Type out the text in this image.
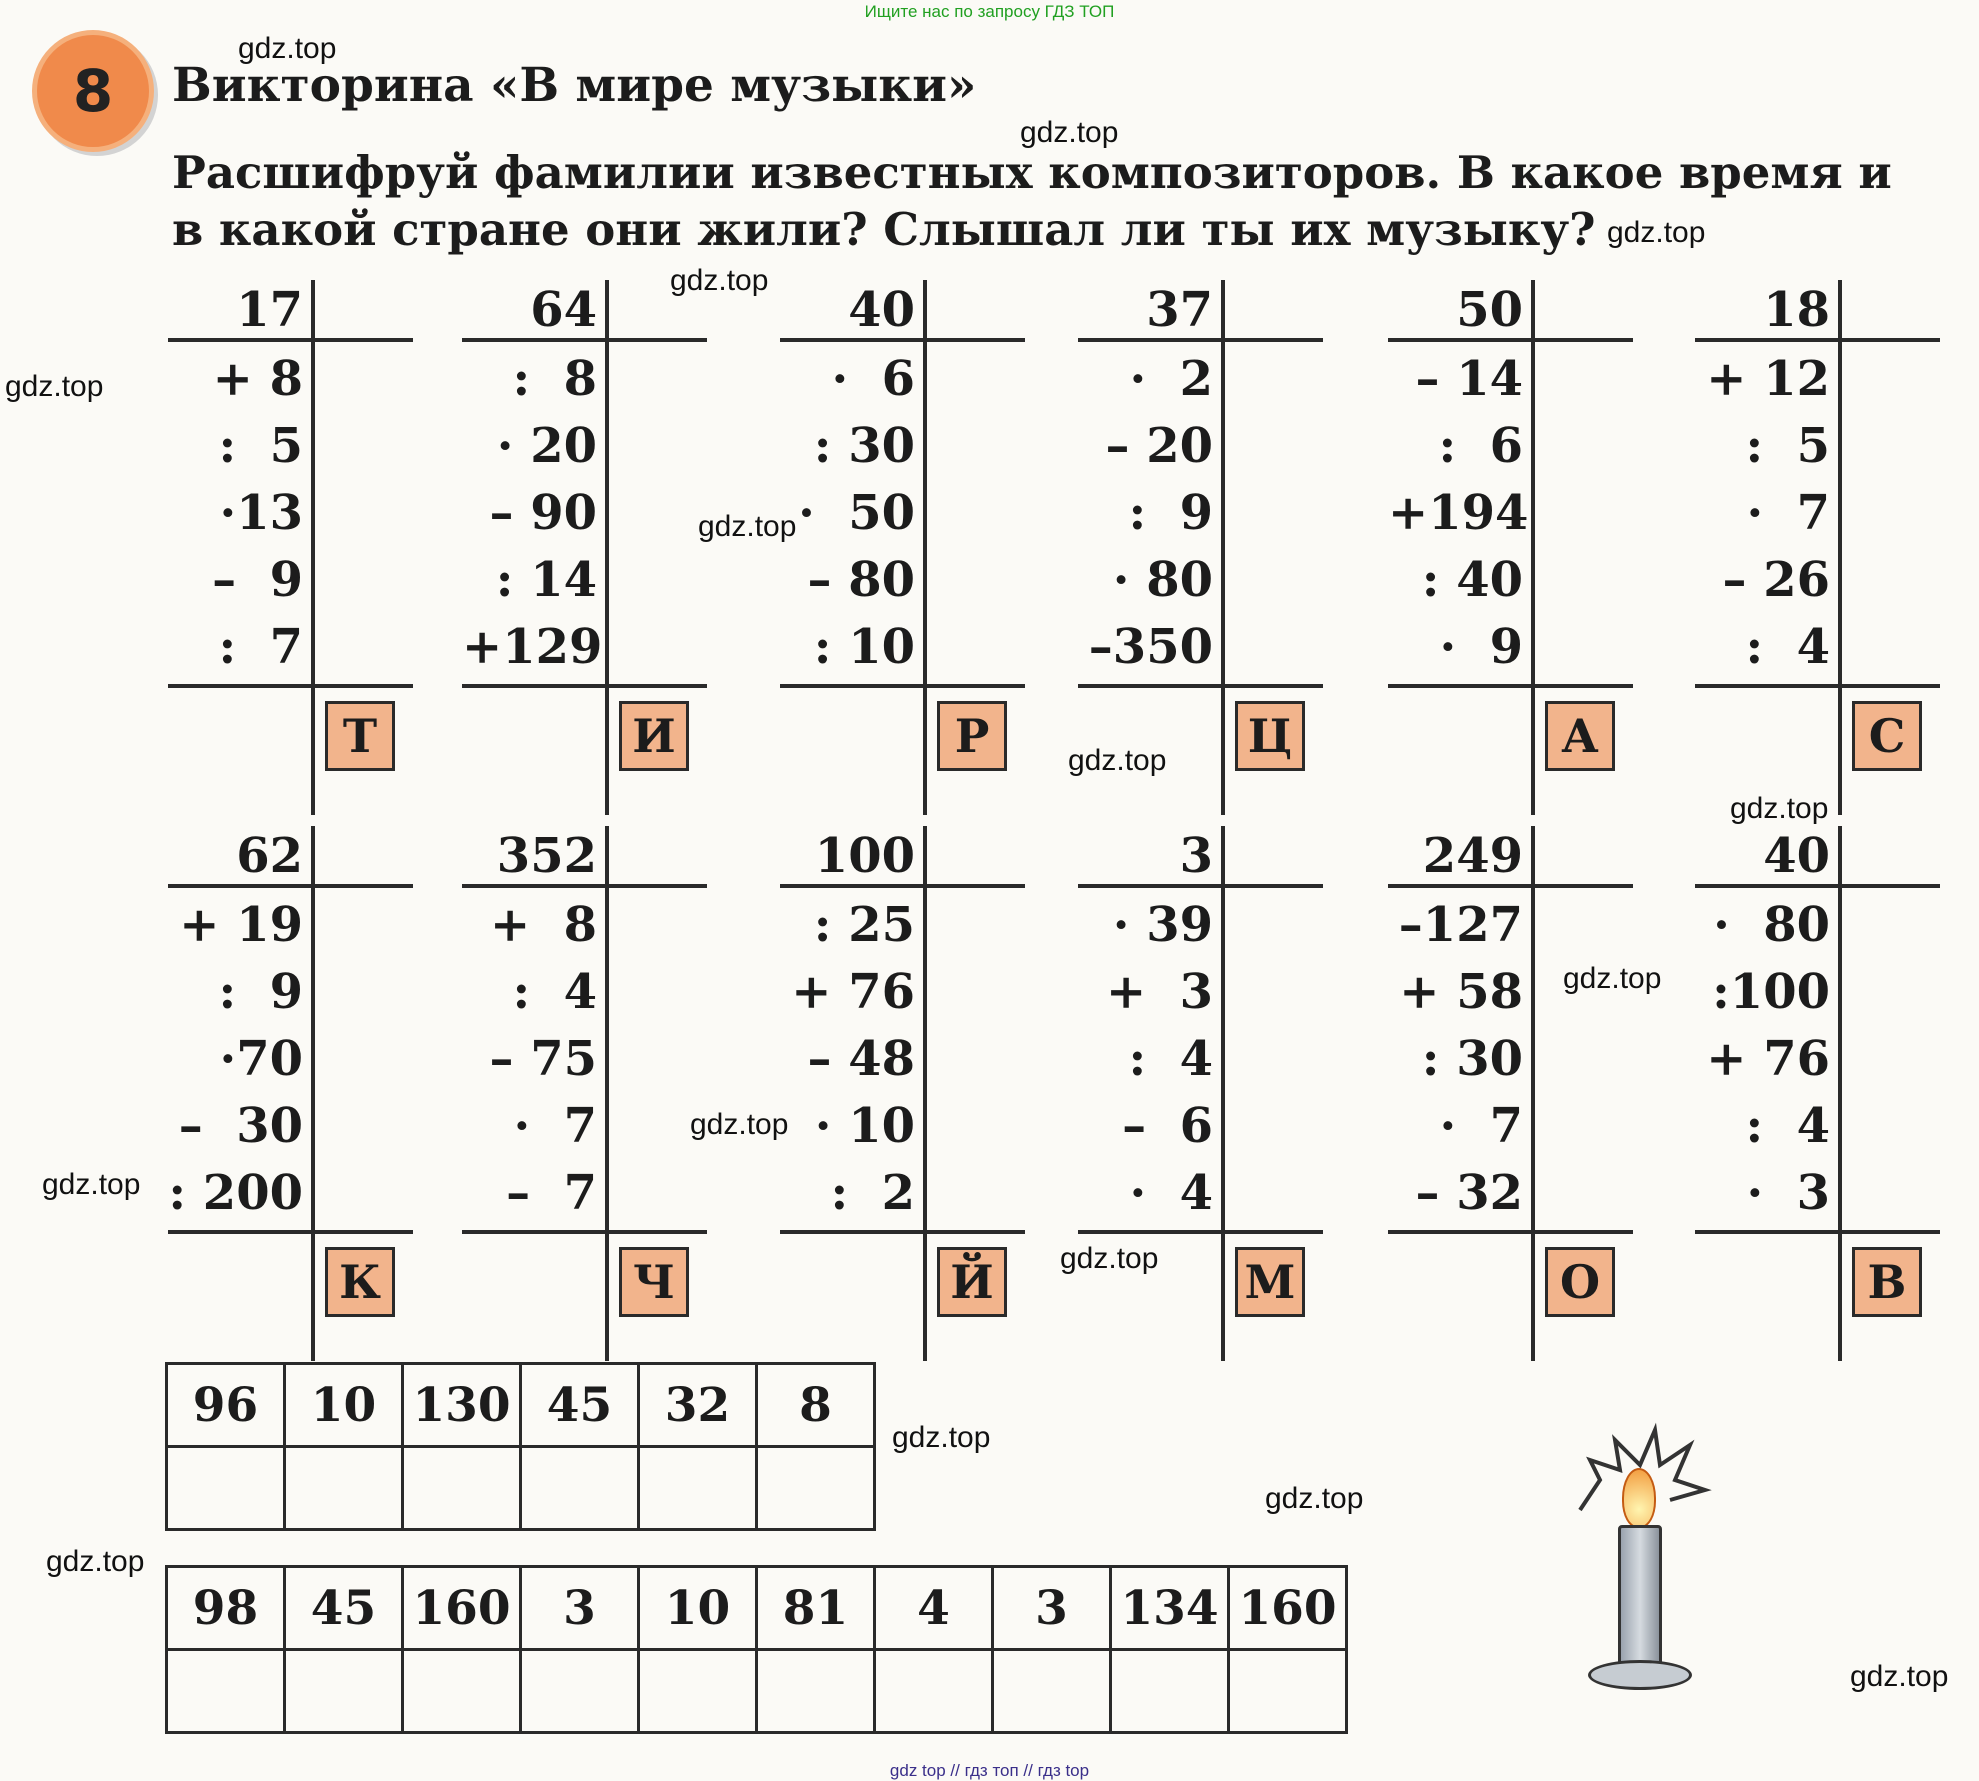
Ищите нас по запросу ГДЗ ТОП
8	Викторина «В мире музыки»
Расшифруй фамилии известных композиторов. В какое время и в какой стране они жили? Слышал ли ты их музыку?
17
+ 8
:  5
·13
–  9
:  7
Т
64
:  8
· 20
– 90
: 14
+129
И
40
·  6
: 30
·  50
– 80
: 10
Р
37
·  2
– 20
:  9
· 80
–350
Ц
50
– 14
:  6
+194
: 40
·  9
А
18
+ 12
:  5
·  7
– 26
:  4
С
62
+ 19
:  9
·70
–  30
: 200
К
352
+  8
:  4
– 75
·  7
–  7
Ч
100
: 25
+ 76
– 48
· 10
:  2
Й
3
· 39
+  3
:  4
–  6
·  4
М
249
–127
+ 58
: 30
·  7
– 32
О
40
·  80
:100
+ 76
:  4
·  3
В
96	10	130	45	32	8

98	45	160	3	10	81	4	3	134	160

gdz.top
gdz.top
gdz.top
gdz.top
gdz.top
gdz.top
gdz.top
gdz.top
gdz.top
gdz.top
gdz.top
gdz.top
gdz.top
gdz.top
gdz.top
gdz.top
gdz top // гдз топ // гдз top
